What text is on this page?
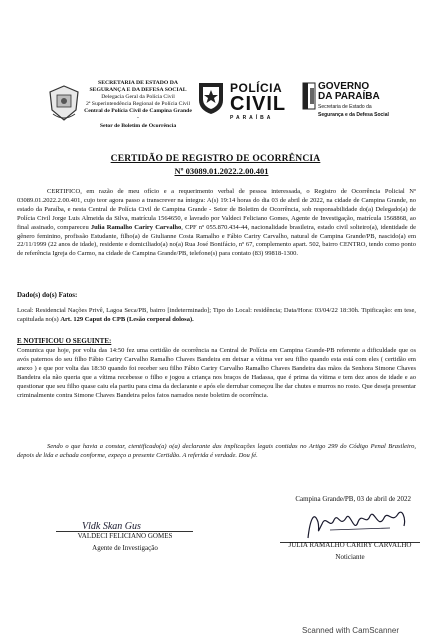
SECRETARIA DE ESTADO DA
SEGURANÇA E DA DEFESA SOCIAL
Delegacia Geral da Polícia Civil
2ª Superintendência Regional de Polícia Civil
Central de Polícia Civil de Campina Grande -
Setor de Boletim de Ocorrência
POLÍCIA
CIVIL
PARAÍBA
GOVERNO
DA PARAÍBA
Secretaria de Estado da
Segurança e da Defesa Social
CERTIDÃO DE REGISTRO DE OCORRÊNCIA
Nº 03089.01.2022.2.00.401
CERTIFICO, em razão de meu ofício e a requerimento verbal de pessoa interessada, o Registro de Ocorrência Policial Nº 03089.01.2022.2.00.401, cujo teor agora passo a transcrever na íntegra: A(s) 19:14 horas do dia 03 de abril de 2022, na cidade de Campina Grande, no estado da Paraíba, e nesta Central de Polícia Civil de Campina Grande - Setor de Boletim de Ocorrência, sob responsabilidade do(a) Delegado(a) de Polícia Civil Jorge Luis Almeida da Silva, matrícula 1564650, e lavrado por Valdeci Feliciano Gomes, Agente de Investigação, matrícula 1568868, ao final assinado, compareceu Julia Ramalho Cariry Carvalho, CPF nº 055.870.434-44, nacionalidade brasileira, estado civil solteiro(a), identidade de gênero feminino, profissão Estudante, filho(a) de Giulianne Costa Ramalho e Fábio Cariry Carvalho, natural de Campina Grande/PB, nascido(a) em 22/11/1999 (22 anos de idade), residente e domiciliado(a) no(a) Rua José Bonifácio, nº 67, complemento apart. 502, bairro CENTRO, tendo como ponto de referência Igreja do Carmo, na cidade de Campina Grande/PB, telefone(s) para contato (83) 99818-1300.
Dado(s) do(s) Fatos:
Local: Residencial Nações Privê, Lagoa Seca/PB, bairro [indeterminado]; Tipo do Local: residência; Data/Hora: 03/04/22 18:30h. Tipificação: em tese, capitulada no(s) Art. 129 Caput do CPB (Lesão corporal dolosa).
E NOTIFICOU O SEGUINTE:
Comunica que hoje, por volta das 14:50 fez uma certidão de ocorrência na Central de Polícia em Campina Grande-PB referente a dificuldade que os avós paternos do seu filho Fábio Cariry Carvalho Ramalho Chaves Bandeira em deixar a vítima ver seu filho quando esta está com eles ( certidão em anexo ) e que por volta das 18:30 quando foi receber seu filho Fábio Cariry Carvalho Ramalho Chaves Bandeira das mãos da Senhora Simone Chaves Bandeira ela não queria que a vítima recebesse o filho e jogou a criança nos braços de Hadassa, que é prima da vítima e tem dez anos de idade e ao questionar que seu filho quase caiu ela partiu para cima da declarante e após ele derrubar começou lhe dar chutes e murros no rosto. Que deseja presentar criminalmente contra Simone Chaves Bandeira pelos fatos narrados neste boletim de ocorrência.
Sendo o que havia a constar, cientificado(a) o(a) declarante das implicações legais contidas no Artigo 299 do Código Penal Brasileiro, depois de lida e achada conforme, expeço a presente Certidão. A referida é verdade. Dou fé.
Campina Grande/PB, 03 de abril de 2022
Vldk Skan Gus
VALDECI FELICIANO GOMES
Agente de Investigação	JULIA RAMALHO CARIRY CARVALHO
Noticiante
Scanned with CamScanner
